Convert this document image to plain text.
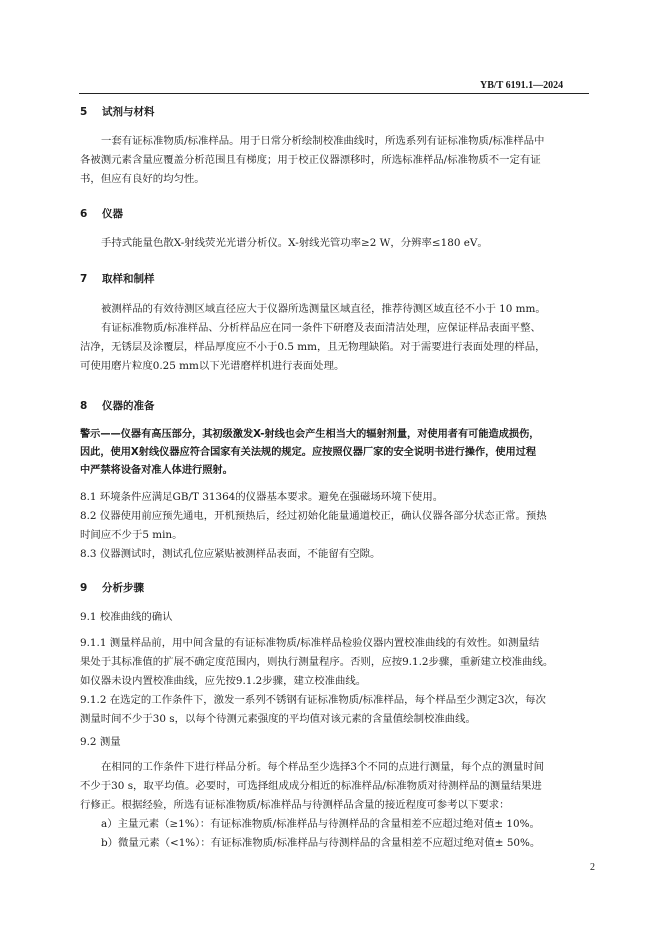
YB/T 6191.1—2024
5 试剂与材料
一套有证标准物质/标准样品。用于日常分析绘制校准曲线时，所选系列有证标准物质/标准样品中
各被测元素含量应覆盖分析范围且有梯度；用于校正仪器漂移时，所选标准样品/标准物质不一定有证
书，但应有良好的均匀性。
6 仪器
手持式能量色散X-射线荧光光谱分析仪。X-射线光管功率≥2 W，分辨率≤180 eV。
7 取样和制样
被测样品的有效待测区域直径应大于仪器所选测量区域直径，推荐待测区域直径不小于 10 mm。
有证标准物质/标准样品、分析样品应在同一条件下研磨及表面清洁处理，应保证样品表面平整、
洁净，无锈层及涂覆层，样品厚度应不小于0.5 mm，且无物理缺陷。对于需要进行表面处理的样品，
可使用磨片粒度0.25 mm以下光谱磨样机进行表面处理。
8 仪器的准备
警示——仪器有高压部分，其初级激发X-射线也会产生相当大的辐射剂量，对使用者有可能造成损伤，
因此，使用X射线仪器应符合国家有关法规的规定。应按照仪器厂家的安全说明书进行操作，使用过程
中严禁将设备对准人体进行照射。
8.1 环境条件应满足GB/T 31364的仪器基本要求。避免在强磁场环境下使用。
8.2 仪器使用前应预先通电，开机预热后，经过初始化能量通道校正，确认仪器各部分状态正常。预热
时间应不少于5 min。
8.3 仪器测试时，测试孔位应紧贴被测样品表面，不能留有空隙。
9 分析步骤
9.1 校准曲线的确认
9.1.1 测量样品前，用中间含量的有证标准物质/标准样品检验仪器内置校准曲线的有效性。如测量结
果处于其标准值的扩展不确定度范围内，则执行测量程序。否则，应按9.1.2步骤，重新建立校准曲线。
如仪器未设内置校准曲线，应先按9.1.2步骤，建立校准曲线。
9.1.2 在选定的工作条件下，激发一系列不锈钢有证标准物质/标准样品，每个样品至少测定3次，每次
测量时间不少于30 s，以每个待测元素强度的平均值对该元素的含量值绘制校准曲线。
9.2 测量
在相同的工作条件下进行样品分析。每个样品至少选择3个不同的点进行测量，每个点的测量时间
不少于30 s，取平均值。必要时，可选择组成成分相近的标准样品/标准物质对待测样品的测量结果进
行修正。根据经验，所选有证标准物质/标准样品与待测样品含量的接近程度可参考以下要求：
a）主量元素（≥1%）：有证标准物质/标准样品与待测样品的含量相差不应超过绝对值± 10%。
b）微量元素（<1%）：有证标准物质/标准样品与待测样品的含量相差不应超过绝对值± 50%。
2
